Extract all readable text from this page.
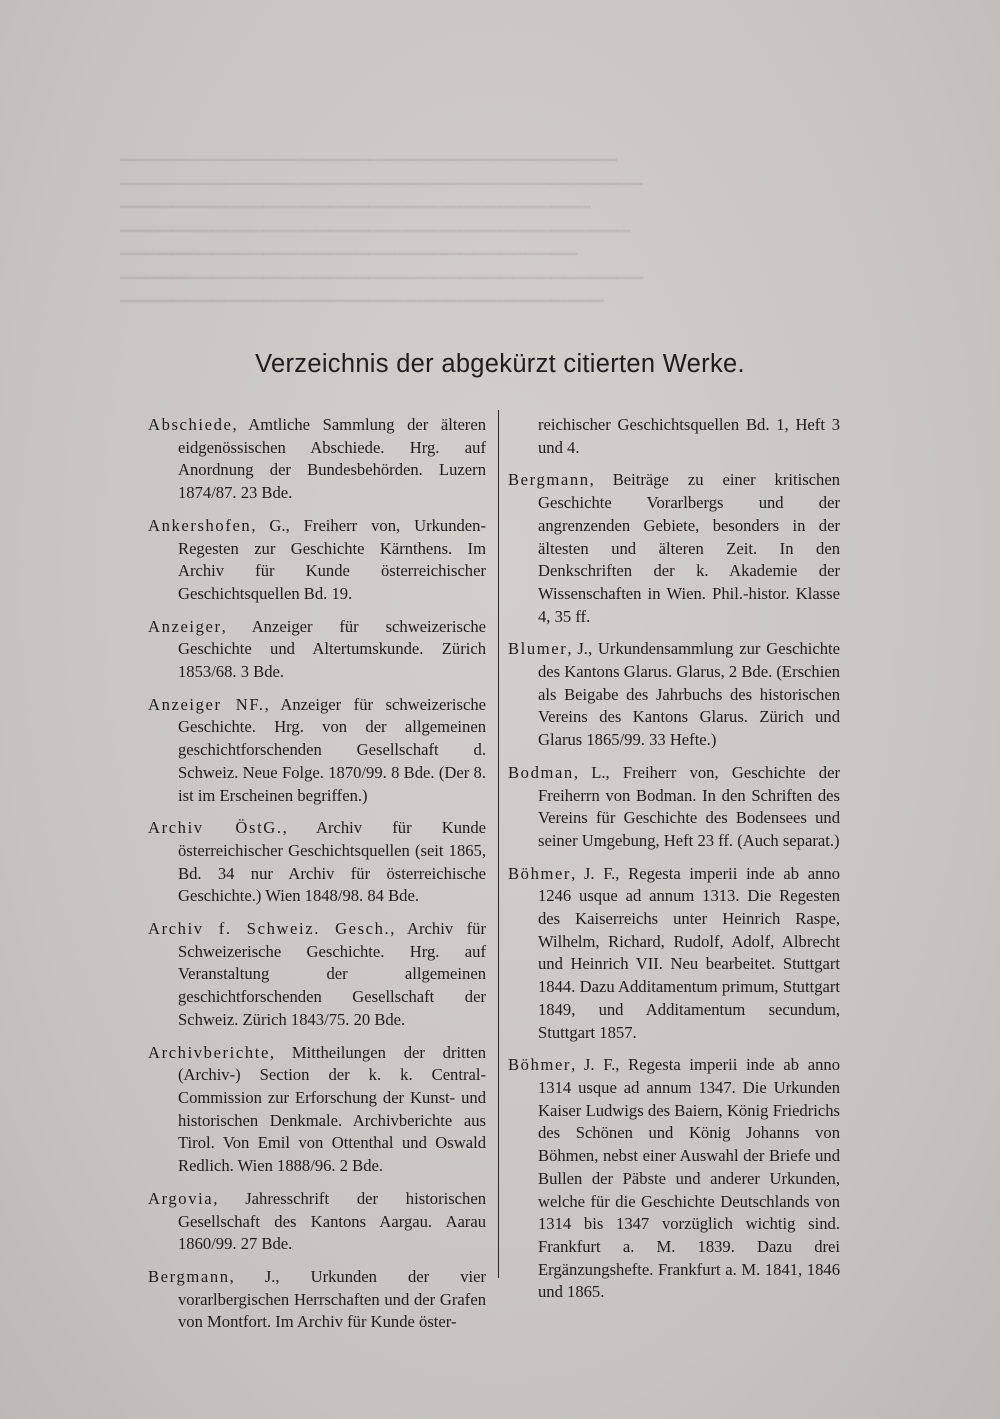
▁▁▁▁▁▁▁▁▁▁▁▁▁▁▁▁▁▁▁▁▁▁▁▁▁▁▁▁▁▁▁▁▁▁▁▁▁▁
▁▁▁▁▁▁▁▁▁▁▁▁▁▁▁▁▁▁▁▁▁▁▁▁▁▁▁▁▁▁▁▁▁▁▁▁▁▁▁▁
▁▁▁▁▁▁▁▁▁▁▁▁▁▁▁▁▁▁▁▁▁▁▁▁▁▁▁▁▁▁▁▁▁▁▁▁
▁▁▁▁▁▁▁▁▁▁▁▁▁▁▁▁▁▁▁▁▁▁▁▁▁▁▁▁▁▁▁▁▁▁▁▁▁▁▁
▁▁▁▁▁▁▁▁▁▁▁▁▁▁▁▁▁▁▁▁▁▁▁▁▁▁▁▁▁▁▁▁▁▁▁
▁▁▁▁▁▁▁▁▁▁▁▁▁▁▁▁▁▁▁▁▁▁▁▁▁▁▁▁▁▁▁▁▁▁▁▁▁▁▁▁
▁▁▁▁▁▁▁▁▁▁▁▁▁▁▁▁▁▁▁▁▁▁▁▁▁▁▁▁▁▁▁▁▁▁▁▁▁
Verzeichnis der abgekürzt citierten Werke.

Abschiede, Amtliche Sammlung der älteren eidgenössischen Abschiede. Hrg. auf Anordnung der Bundesbehörden. Luzern 1874/87. 23 Bde.

Ankershofen, G., Freiherr von, Urkunden-Regesten zur Geschichte Kärnthens. Im Archiv für Kunde österreichischer Geschichtsquellen Bd. 19.

Anzeiger, Anzeiger für schweizerische Geschichte und Altertumskunde. Zürich 1853/68. 3 Bde.

Anzeiger NF., Anzeiger für schweizerische Geschichte. Hrg. von der allgemeinen geschichtforschenden Gesellschaft d. Schweiz. Neue Folge. 1870/99. 8 Bde. (Der 8. ist im Erscheinen begriffen.)

Archiv ÖstG., Archiv für Kunde österreichischer Geschichtsquellen (seit 1865, Bd. 34 nur Archiv für österreichische Geschichte.) Wien 1848/98. 84 Bde.

Archiv f. Schweiz. Gesch., Archiv für Schweizerische Geschichte. Hrg. auf Veranstaltung der allgemeinen geschichtforschenden Gesellschaft der Schweiz. Zürich 1843/75. 20 Bde.

Archivberichte, Mittheilungen der dritten (Archiv-) Section der k. k. Central-Commission zur Erforschung der Kunst- und historischen Denkmale. Archivberichte aus Tirol. Von Emil von Ottenthal und Oswald Redlich. Wien 1888/96. 2 Bde.

Argovia, Jahresschrift der historischen Gesellschaft des Kantons Aargau. Aarau 1860/99. 27 Bde.

Bergmann, J., Urkunden der vier vorarlbergischen Herrschaften und der Grafen von Montfort. Im Archiv für Kunde öster-

reichischer Geschichtsquellen Bd. 1, Heft 3 und 4.

Bergmann, Beiträge zu einer kritischen Geschichte Vorarlbergs und der angrenzenden Gebiete, besonders in der ältesten und älteren Zeit. In den Denkschriften der k. Akademie der Wissenschaften in Wien. Phil.-histor. Klasse 4, 35 ff.

Blumer, J., Urkundensammlung zur Geschichte des Kantons Glarus. Glarus, 2 Bde. (Erschien als Beigabe des Jahrbuchs des historischen Vereins des Kantons Glarus. Zürich und Glarus 1865/99. 33 Hefte.)

Bodman, L., Freiherr von, Geschichte der Freiherrn von Bodman. In den Schriften des Vereins für Geschichte des Bodensees und seiner Umgebung, Heft 23 ff. (Auch separat.)

Böhmer, J. F., Regesta imperii inde ab anno 1246 usque ad annum 1313. Die Regesten des Kaiserreichs unter Heinrich Raspe, Wilhelm, Richard, Rudolf, Adolf, Albrecht und Heinrich VII. Neu bearbeitet. Stuttgart 1844. Dazu Additamentum primum, Stuttgart 1849, und Additamentum secundum, Stuttgart 1857.

Böhmer, J. F., Regesta imperii inde ab anno 1314 usque ad annum 1347. Die Urkunden Kaiser Ludwigs des Baiern, König Friedrichs des Schönen und König Johanns von Böhmen, nebst einer Auswahl der Briefe und Bullen der Päbste und anderer Urkunden, welche für die Geschichte Deutschlands von 1314 bis 1347 vorzüglich wichtig sind. Frankfurt a. M. 1839. Dazu drei Ergänzungshefte. Frankfurt a. M. 1841, 1846 und 1865.
